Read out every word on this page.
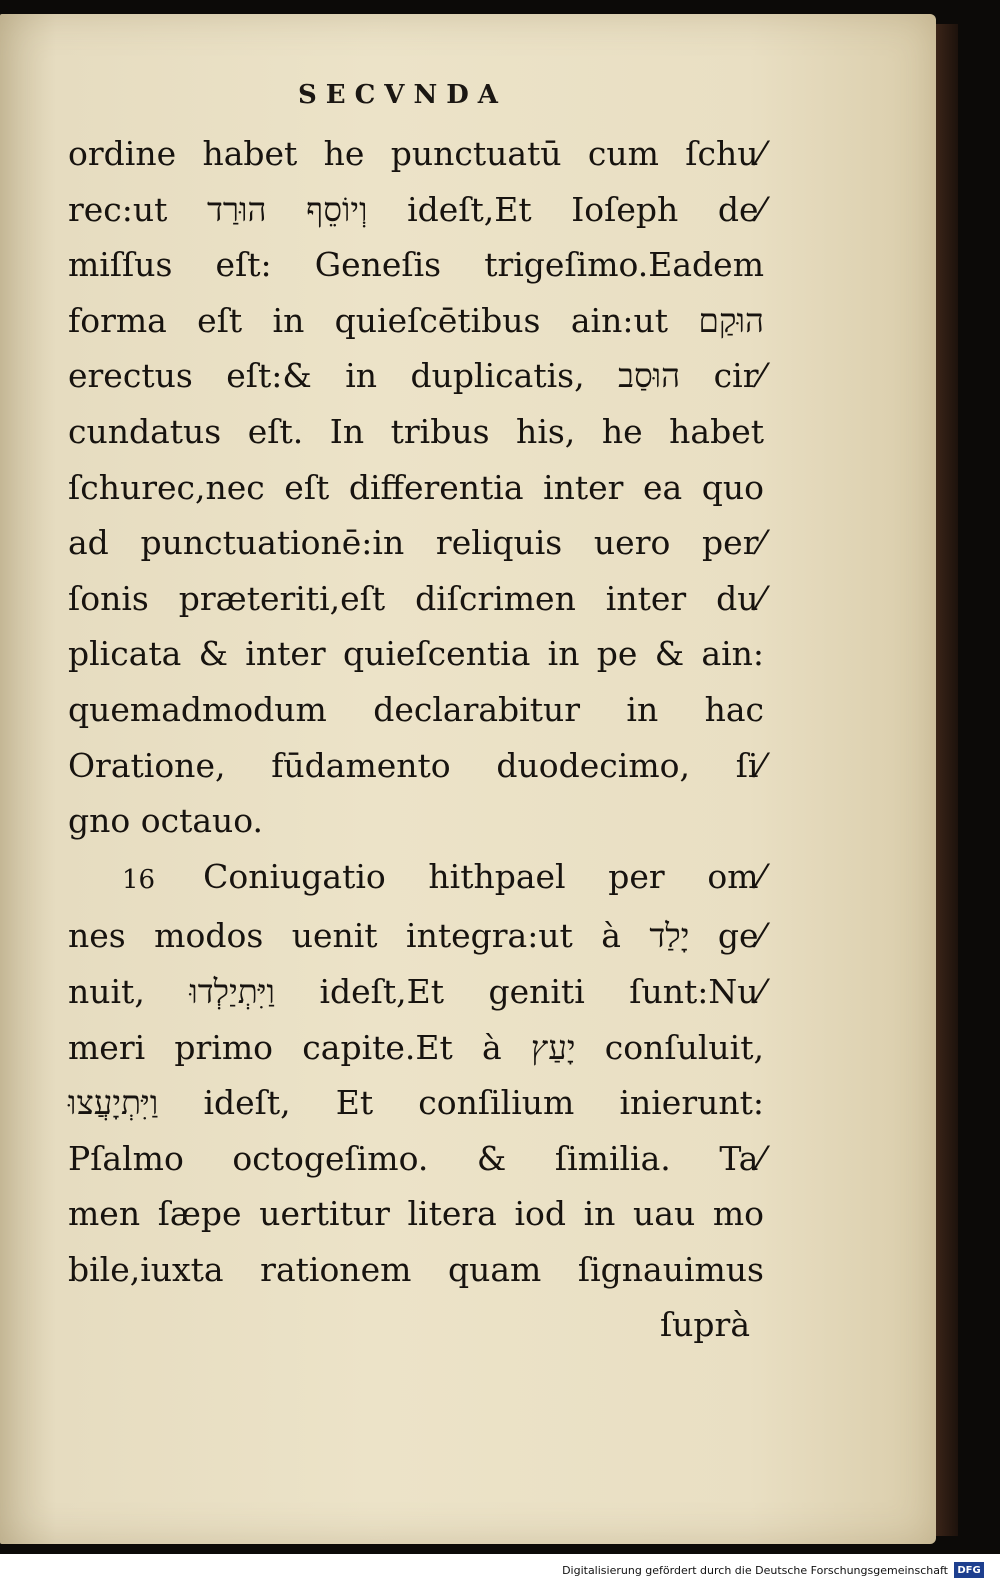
SECVNDA
ordine habet he punctuatū cum ſchu⁄
rec:ut וְיוֹסֵף הוּרַד ideſt,Et Ioſeph de⁄
miſſus eſt: Geneſis trigeſimo.Eadem
forma eſt in quieſcētibus ain:ut הוּקַם
erectus eſt:& in duplicatis, הוּסַב cir⁄
cundatus eſt. In tribus his, he habet
ſchurec,nec eſt differentia inter ea quo
ad punctuationē:in reliquis uero per⁄
ſonis præteriti,eſt diſcrimen inter du⁄
plicata & inter quieſcentia in pe & ain:
quemadmodum declarabitur in hac
Oratione, fūdamento duodecimo, ſi⁄
gno octauo.
16 Coniugatio hithpael per om⁄
nes modos uenit integra:ut à יָלַד ge⁄
nuit, וַיִּתְיַלְדוּ ideſt,Et geniti ſunt:Nu⁄
meri primo capite.Et à יָעַץ conſuluit,
וַיִּתְיָעֲצוּ ideſt, Et conſilium inierunt:
Pſalmo octogeſimo. & ſimilia. Ta⁄
men ſæpe uertitur litera iod in uau mo
bile,iuxta rationem quam ſignauimus
ſuprà
Digitalisierung gefördert durch die Deutsche Forschungsgemeinschaft DFG
